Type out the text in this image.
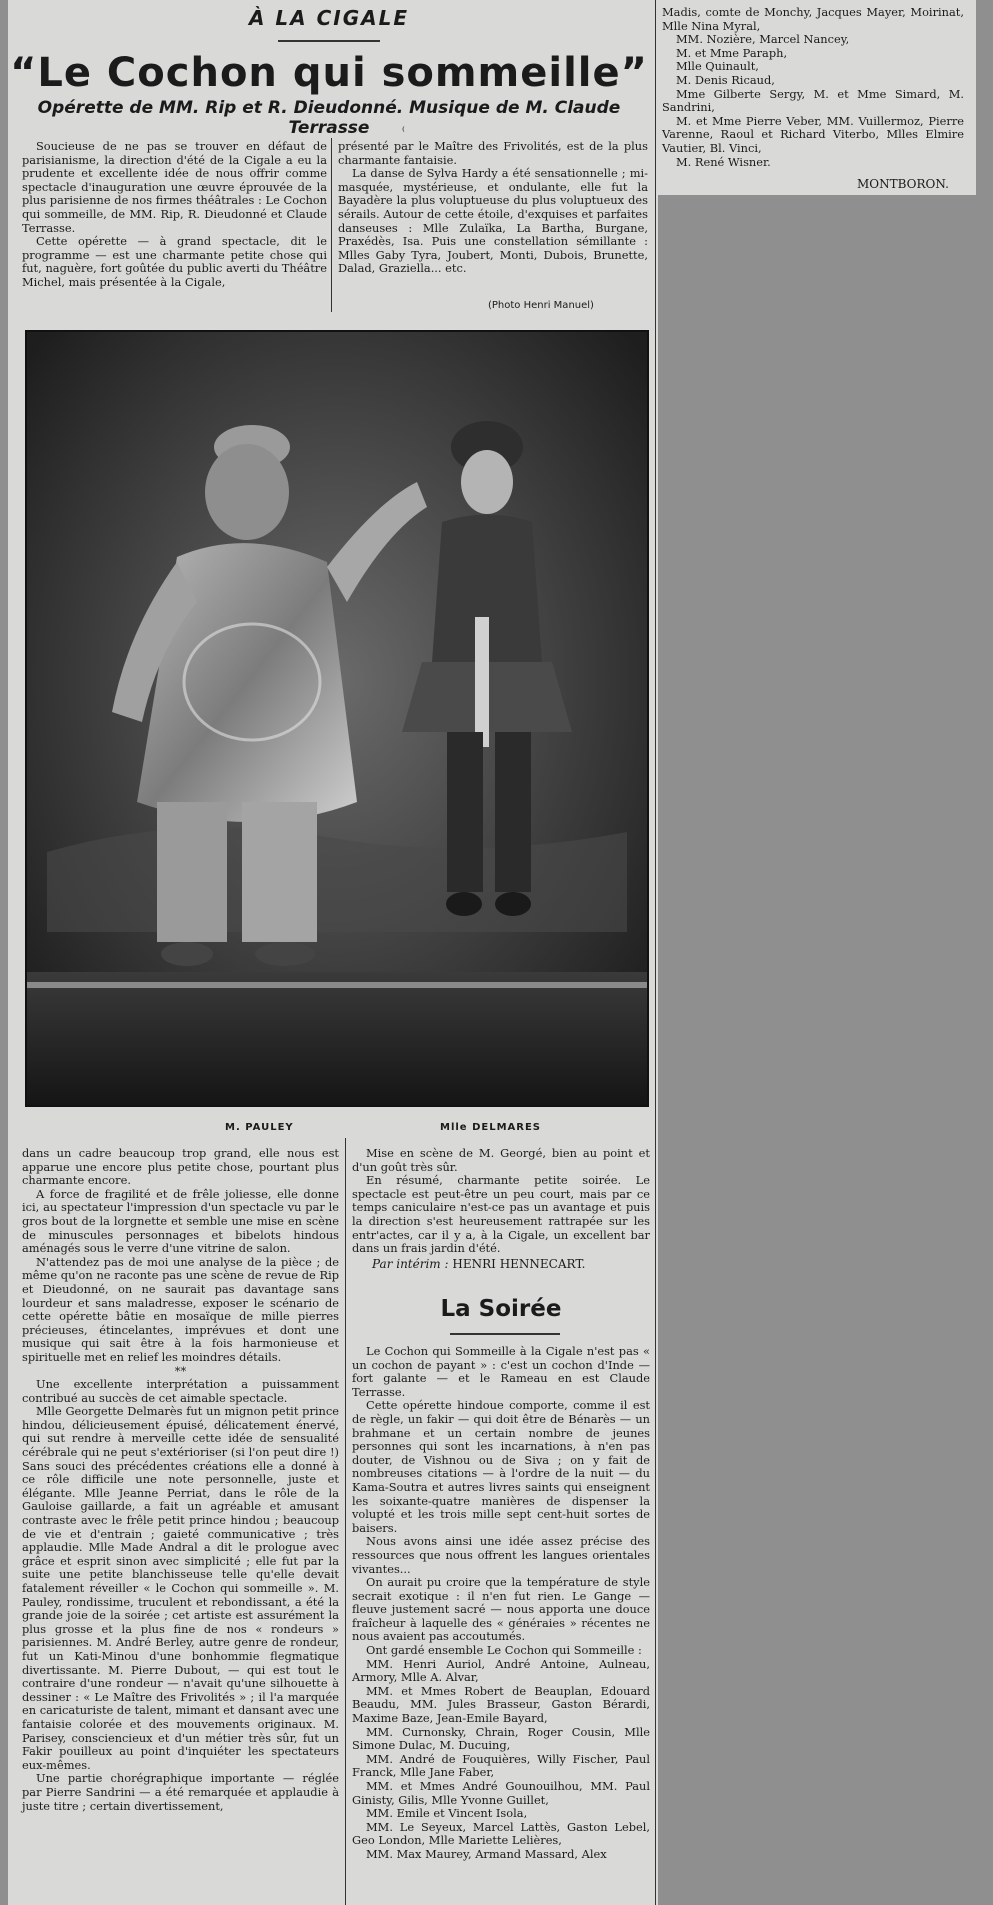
À LA CIGALE
“Le Cochon qui sommeille”
Opérette de MM. Rip et R. Dieudonné. Musique de M. Claude Terrasse	⁽

Soucieuse de ne pas se trouver en défaut de parisianisme, la direction d'été de la Cigale a eu la prudente et excellente idée de nous offrir comme spectacle d'inauguration une œuvre éprouvée de la plus parisienne de nos firmes théâtrales : Le Cochon qui sommeille, de MM. Rip, R. Dieudonné et Claude Terrasse.

Cette opérette — à grand spectacle, dit le programme — est une charmante petite chose qui fut, naguère, fort goûtée du public averti du Théâtre Michel, mais présentée à la Cigale,

présenté par le Maître des Frivolités, est de la plus charmante fantaisie.

La danse de Sylva Hardy a été sensationnelle ; mi-masquée, mystérieuse, et ondulante, elle fut la Bayadère la plus voluptueuse du plus voluptueux des sérails. Autour de cette étoile, d'exquises et parfaites danseuses : Mlle Zulaïka, La Bartha, Burgane, Praxédès, Isa. Puis une constellation sémillante : Mlles Gaby Tyra, Joubert, Monti, Dubois, Brunette, Dalad, Graziella... etc.

(Photo Henri Manuel)
M. PAULEY	Mlle DELMARES

dans un cadre beaucoup trop grand, elle nous est apparue une encore plus petite chose, pourtant plus charmante encore.

A force de fragilité et de frêle joliesse, elle donne ici, au spectateur l'impression d'un spectacle vu par le gros bout de la lorgnette et semble une mise en scène de minuscules personnages et bibelots hindous aménagés sous le verre d'une vitrine de salon.

N'attendez pas de moi une analyse de la pièce ; de même qu'on ne raconte pas une scène de revue de Rip et Dieudonné, on ne saurait pas davantage sans lourdeur et sans maladresse, exposer le scénario de cette opérette bâtie en mosaïque de mille pierres précieuses, étincelantes, imprévues et dont une musique qui sait être à la fois harmonieuse et spirituelle met en relief les moindres détails.

**

Une excellente interprétation a puissamment contribué au succès de cet aimable spectacle.

Mlle Georgette Delmarès fut un mignon petit prince hindou, délicieusement épuisé, délicatement énervé, qui sut rendre à merveille cette idée de sensualité cérébrale qui ne peut s'extérioriser (si l'on peut dire !) Sans souci des précédentes créations elle a donné à ce rôle difficile une note personnelle, juste et élégante. Mlle Jeanne Perriat, dans le rôle de la Gauloise gaillarde, a fait un agréable et amusant contraste avec le frêle petit prince hindou ; beaucoup de vie et d'entrain ; gaieté communicative ; très applaudie. Mlle Made Andral a dit le prologue avec grâce et esprit sinon avec simplicité ; elle fut par la suite une petite blanchisseuse telle qu'elle devait fatalement réveiller « le Cochon qui sommeille ». M. Pauley, rondissime, truculent et rebondissant, a été la grande joie de la soirée ; cet artiste est assurément la plus grosse et la plus fine de nos « rondeurs » parisiennes. M. André Berley, autre genre de rondeur, fut un Kati-Minou d'une bonhommie flegmatique divertissante. M. Pierre Dubout, — qui est tout le contraire d'une rondeur — n'avait qu'une silhouette à dessiner : « Le Maître des Frivolités » ; il l'a marquée en caricaturiste de talent, mimant et dansant avec une fantaisie colorée et des mouvements originaux. M. Parisey, consciencieux et d'un métier très sûr, fut un Fakir pouilleux au point d'inquiéter les spectateurs eux-mêmes.

Une partie chorégraphique importante — réglée par Pierre Sandrini — a été remarquée et applaudie à juste titre ; certain divertissement,

Mise en scène de M. Georgé, bien au point et d'un goût très sûr.

En résumé, charmante petite soirée. Le spectacle est peut-être un peu court, mais par ce temps caniculaire n'est-ce pas un avantage et puis la direction s'est heureusement rattrapée sur les entr'actes, car il y a, à la Cigale, un excellent bar dans un frais jardin d'été.

Par intérim : HENRI HENNECART.
La Soirée

Le Cochon qui Sommeille à la Cigale n'est pas « un cochon de payant » : c'est un cochon d'Inde — fort galante — et le Rameau en est Claude Terrasse.

Cette opérette hindoue comporte, comme il est de règle, un fakir — qui doit être de Bénarès — un brahmane et un certain nombre de jeunes personnes qui sont les incarnations, à n'en pas douter, de Vishnou ou de Siva ; on y fait de nombreuses citations — à l'ordre de la nuit — du Kama-Soutra et autres livres saints qui enseignent les soixante-quatre manières de dispenser la volupté et les trois mille sept cent-huit sortes de baisers.

Nous avons ainsi une idée assez précise des ressources que nous offrent les langues orientales vivantes...

On aurait pu croire que la température de style secrait exotique : il n'en fut rien. Le Gange — fleuve justement sacré — nous apporta une douce fraîcheur à laquelle des « généraies » récentes ne nous avaient pas accoutumés.

Ont gardé ensemble Le Cochon qui Sommeille :

MM. Henri Auriol, André Antoine, Aulneau, Armory, Mlle A. Alvar,

MM. et Mmes Robert de Beauplan, Edouard Beaudu, MM. Jules Brasseur, Gaston Bérardi, Maxime Baze, Jean-Emile Bayard,

MM. Curnonsky, Chrain, Roger Cousin, Mlle Simone Dulac, M. Ducuing,

MM. André de Fouquières, Willy Fischer, Paul Franck, Mlle Jane Faber,

MM. et Mmes André Gounouilhou, MM. Paul Ginisty, Gilis, Mlle Yvonne Guillet,

MM. Emile et Vincent Isola,

MM. Le Seyeux, Marcel Lattès, Gaston Lebel, Geo London, Mlle Mariette Lelières,

MM. Max Maurey, Armand Massard, Alex

Madis, comte de Monchy, Jacques Mayer, Moirinat, Mlle Nina Myral,

MM. Nozière, Marcel Nancey,

M. et Mme Paraph,

Mlle Quinault,

M. Denis Ricaud,

Mme Gilberte Sergy, M. et Mme Simard, M. Sandrini,

M. et Mme Pierre Veber, MM. Vuillermoz, Pierre Varenne, Raoul et Richard Viterbo, Mlles Elmire Vautier, Bl. Vinci,

M. René Wisner.

MONTBORON.
